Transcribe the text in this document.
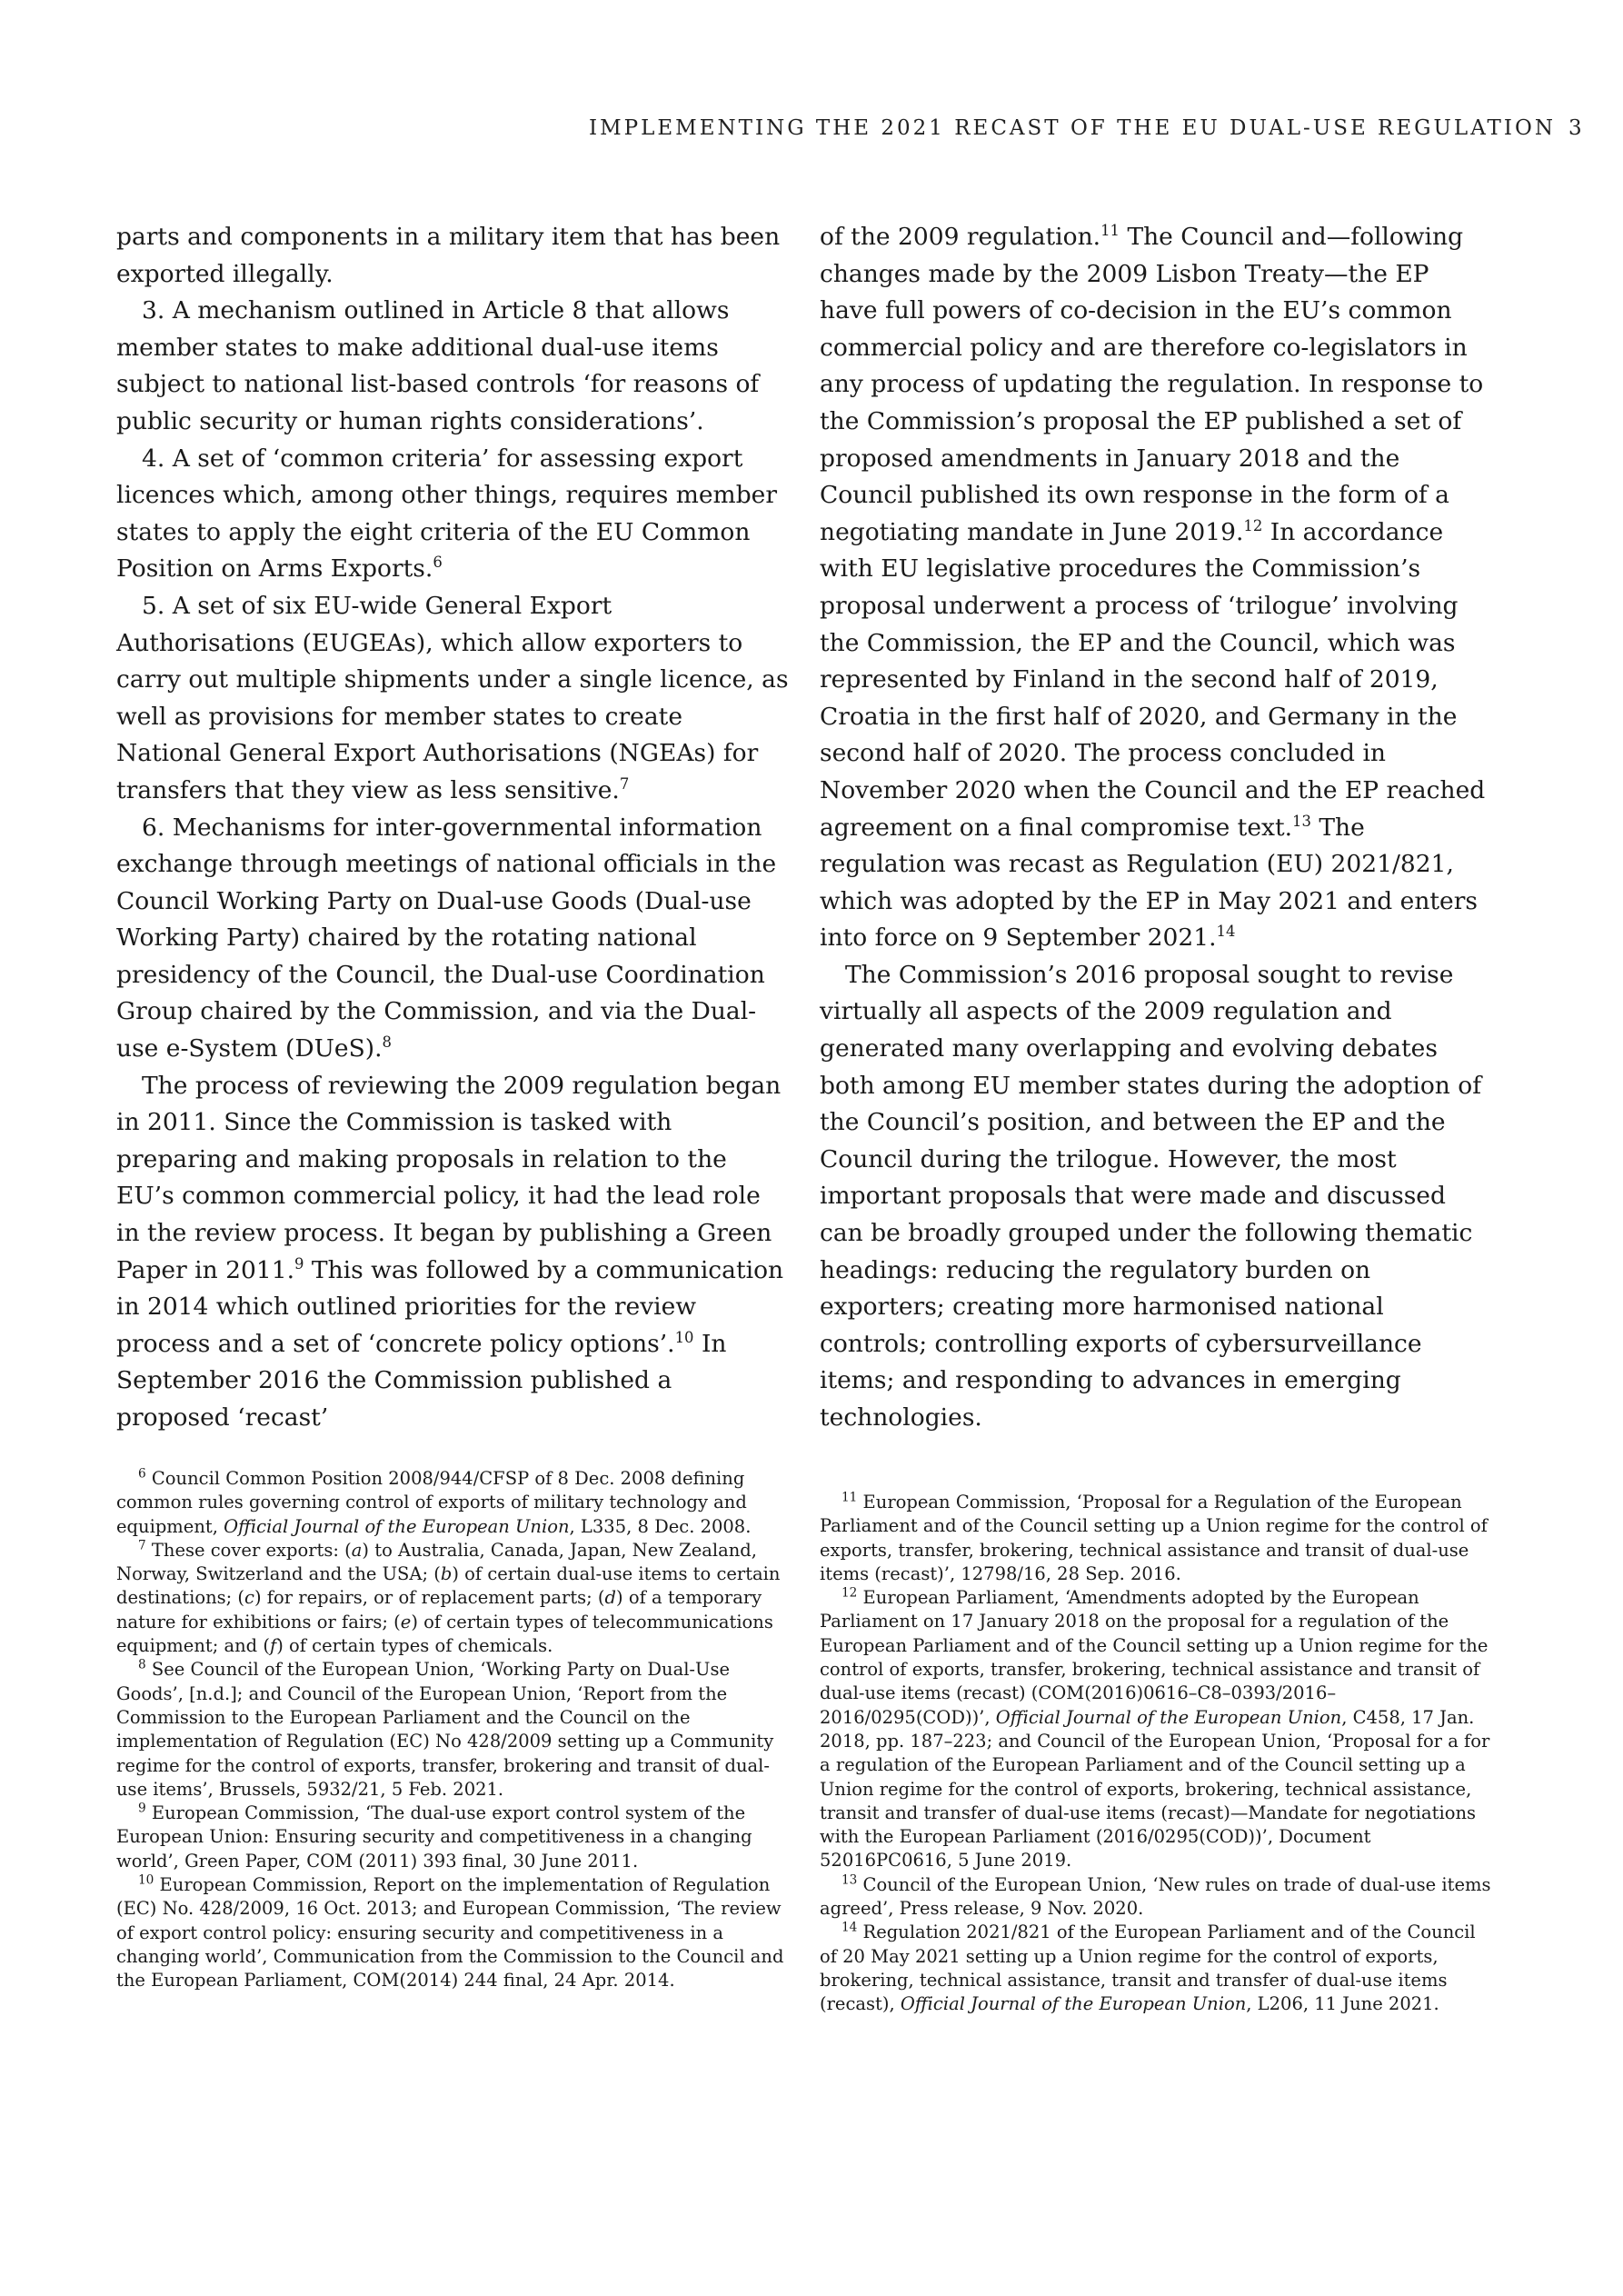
IMPLEMENTING THE 2021 RECAST OF THE EU DUAL-USE REGULATION 3

parts and components in a military item that has been exported illegally.

3. A mechanism outlined in Article 8 that allows member states to make additional dual-use items subject to national list-based controls ‘for reasons of public security or human rights considerations’.

4. A set of ‘common criteria’ for assessing export licences which, among other things, requires member states to apply the eight criteria of the EU Common Position on Arms Exports.$^6$

5. A set of six EU-wide General Export Authorisations (EUGEAs), which allow exporters to carry out multiple shipments under a single licence, as well as provisions for member states to create National General Export Authorisations (NGEAs) for transfers that they view as less sensitive.$^7$

6. Mechanisms for inter-governmental information exchange through meetings of national officials in the Council Working Party on Dual-use Goods (Dual-use Working Party) chaired by the rotating national presidency of the Council, the Dual-use Coordination Group chaired by the Commission, and via the Dual-use e-System (DUeS).$^8$

The process of reviewing the 2009 regulation began in 2011. Since the Commission is tasked with preparing and making proposals in relation to the EU’s common commercial policy, it had the lead role in the review process. It began by publishing a Green Paper in 2011.$^9$ This was followed by a communication in 2014 which outlined priorities for the review process and a set of ‘concrete policy options’.$^{10}$ In September 2016 the Commission published a proposed ‘recast’

of the 2009 regulation.$^{11}$ The Council and—following changes made by the 2009 Lisbon Treaty—the EP have full powers of co-decision in the EU’s common commercial policy and are therefore co-legislators in any process of updating the regulation. In response to the Commission’s proposal the EP published a set of proposed amendments in January 2018 and the Council published its own response in the form of a negotiating mandate in June 2019.12 In accordance with EU legislative procedures the Commission’s proposal underwent a process of ‘trilogue’ involving the Commission, the EP and the Council, which was represented by Finland in the second half of 2019, Croatia in the first half of 2020, and Germany in the second half of 2020. The process concluded in November 2020 when the Council and the EP reached agreement on a final compromise text.$^{13}$ The regulation was recast as Regulation (EU) 2021/821, which was adopted by the EP in May 2021 and enters into force on 9 September 2021.14

The Commission’s 2016 proposal sought to revise virtually all aspects of the 2009 regulation and generated many overlapping and evolving debates both among EU member states during the adoption of the Council’s position, and between the EP and the Council during the trilogue. However, the most important proposals that were made and discussed can be broadly grouped under the following thematic headings: reducing the regulatory burden on exporters; creating more harmonised national controls; controlling exports of cybersurveillance items; and responding to advances in emerging technologies.

$^6$ Council Common Position 2008/944/CFSP of 8 Dec. 2008 defining common rules governing control of exports of military technology and equipment, Official Journal of the European Union, L335, 8 Dec. 2008.

$^7$ These cover exports: (a) to Australia, Canada, Japan, New Zealand, Norway, Switzerland and the USA; (b) of certain dual-use items to certain destinations; (c) for repairs, or of replacement parts; (d) of a temporary nature for exhibitions or fairs; (e) of certain types of telecommunications equipment; and (f) of certain types of chemicals.

$^8$ See Council of the European Union, ‘Working Party on Dual-Use Goods’, [n.d.]; and Council of the European Union, ‘Report from the Commission to the European Parliament and the Council on the implementation of Regulation (EC) No 428/2009 setting up a Community regime for the control of exports, transfer, brokering and transit of dual-use items’, Brussels, 5932/21, 5 Feb. 2021.

$^9$ European Commission, ‘The dual-use export control system of the European Union: Ensuring security and competitiveness in a changing world’, Green Paper, COM (2011) 393 final, 30 June 2011.

$^{10}$ European Commission, Report on the implementation of Regulation (EC) No. 428/2009, 16 Oct. 2013; and European Commission, ‘The review of export control policy: ensuring security and competitiveness in a changing world’, Communication from the Commission to the Council and the European Parliament, COM(2014) 244 final, 24 Apr. 2014.

$^{11}$ European Commission, ‘Proposal for a Regulation of the European Parliament and of the Council setting up a Union regime for the control of exports, transfer, brokering, technical assistance and transit of dual-use items (recast)’, 12798/16, 28 Sep. 2016.

$^{12}$ European Parliament, ‘Amendments adopted by the European Parliament on 17 January 2018 on the proposal for a regulation of the European Parliament and of the Council setting up a Union regime for the control of exports, transfer, brokering, technical assistance and transit of dual-use items (recast) (COM(2016)0616–C8–0393/2016–2016/0295(COD))’, Official Journal of the European Union, C458, 17 Jan. 2018, pp. 187–223; and Council of the European Union, ‘Proposal for a for a regulation of the European Parliament and of the Council setting up a Union regime for the control of exports, brokering, technical assistance, transit and transfer of dual-use items (recast)—Mandate for negotiations with the European Parliament (2016/0295(COD))’, Document 52016PC0616, 5 June 2019.

$^{13}$ Council of the European Union, ‘New rules on trade of dual-use items agreed’, Press release, 9 Nov. 2020.

$^{14}$ Regulation 2021/821 of the European Parliament and of the Council of 20 May 2021 setting up a Union regime for the control of exports, brokering, technical assistance, transit and transfer of dual-use items (recast), Official Journal of the European Union, L206, 11 June 2021.
